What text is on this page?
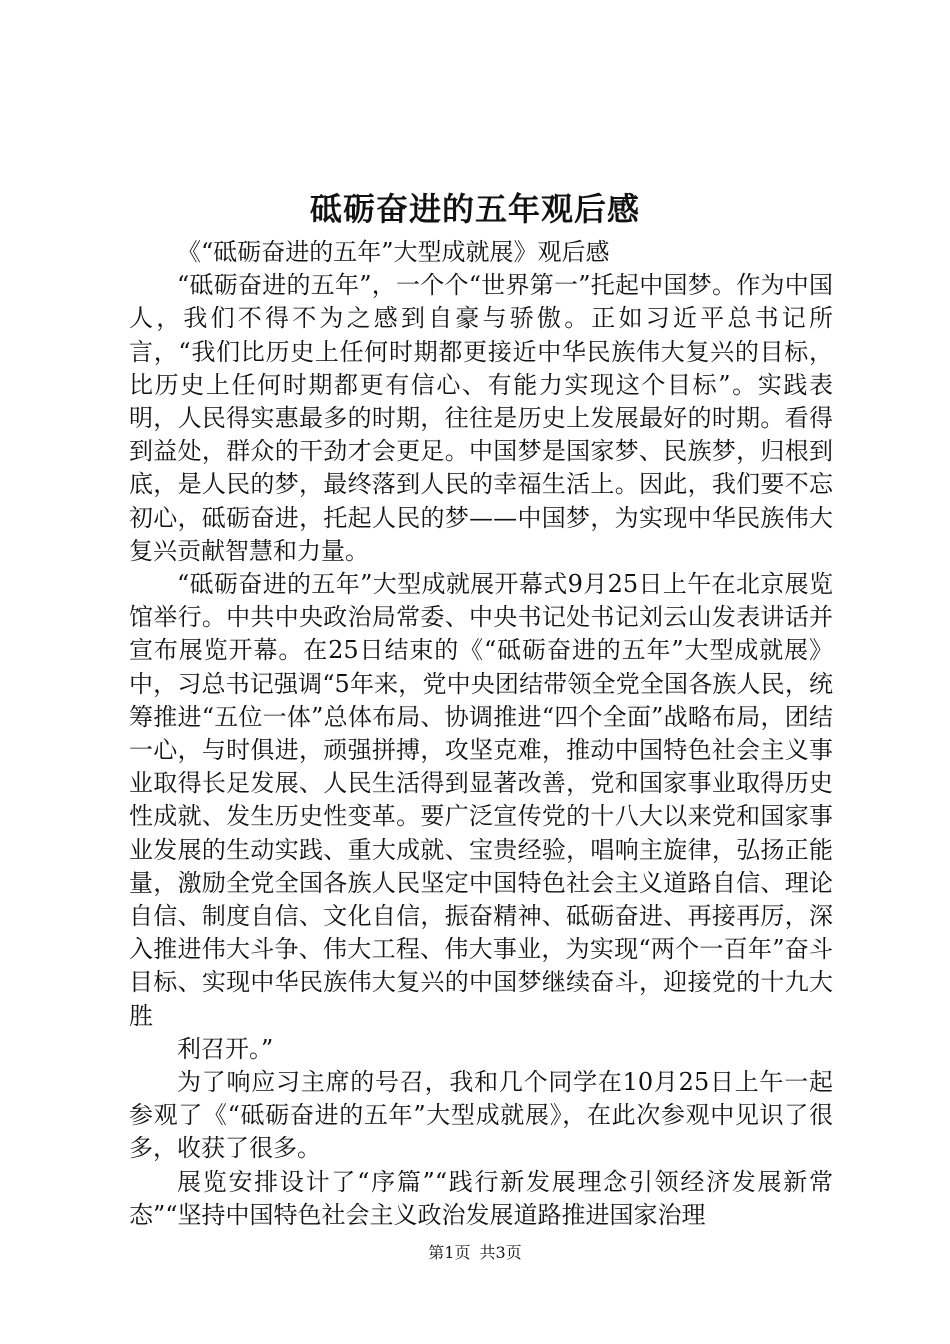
砥砺奋进的五年观后感

《“砥砺奋进的五年”大型成就展》观后感

“砥砺奋进的五年”，一个个“世界第一”托起中国梦。作为中国人，我们不得不为之感到自豪与骄傲。正如习近平总书记所言，“我们比历史上任何时期都更接近中华民族伟大复兴的目标，比历史上任何时期都更有信心、有能力实现这个目标”。实践表明，人民得实惠最多的时期，往往是历史上发展最好的时期。看得到益处，群众的干劲才会更足。中国梦是国家梦、民族梦，归根到底，是人民的梦，最终落到人民的幸福生活上。因此，我们要不忘初心，砥砺奋进，托起人民的梦——中国梦，为实现中华民族伟大复兴贡献智慧和力量。

“砥砺奋进的五年”大型成就展开幕式9月25日上午在北京展览馆举行。中共中央政治局常委、中央书记处书记刘云山发表讲话并宣布展览开幕。在25日结束的《“砥砺奋进的五年”大型成就展》中，习总书记强调“5年来，党中央团结带领全党全国各族人民，统筹推进“五位一体”总体布局、协调推进“四个全面”战略布局，团结一心，与时俱进，顽强拼搏，攻坚克难，推动中国特色社会主义事业取得长足发展、人民生活得到显著改善，党和国家事业取得历史性成就、发生历史性变革。要广泛宣传党的十八大以来党和国家事业发展的生动实践、重大成就、宝贵经验，唱响主旋律，弘扬正能量，激励全党全国各族人民坚定中国特色社会主义道路自信、理论自信、制度自信、文化自信，振奋精神、砥砺奋进、再接再厉，深入推进伟大斗争、伟大工程、伟大事业，为实现“两个一百年”奋斗目标、实现中华民族伟大复兴的中国梦继续奋斗，迎接党的十九大胜

利召开。”

为了响应习主席的号召，我和几个同学在10月25日上午一起参观了《“砥砺奋进的五年”大型成就展》，在此次参观中见识了很多，收获了很多。

展览安排设计了“序篇”“践行新发展理念引领经济发展新常态”“坚持中国特色社会主义政治发展道路推进国家治理

第1页 共3页
